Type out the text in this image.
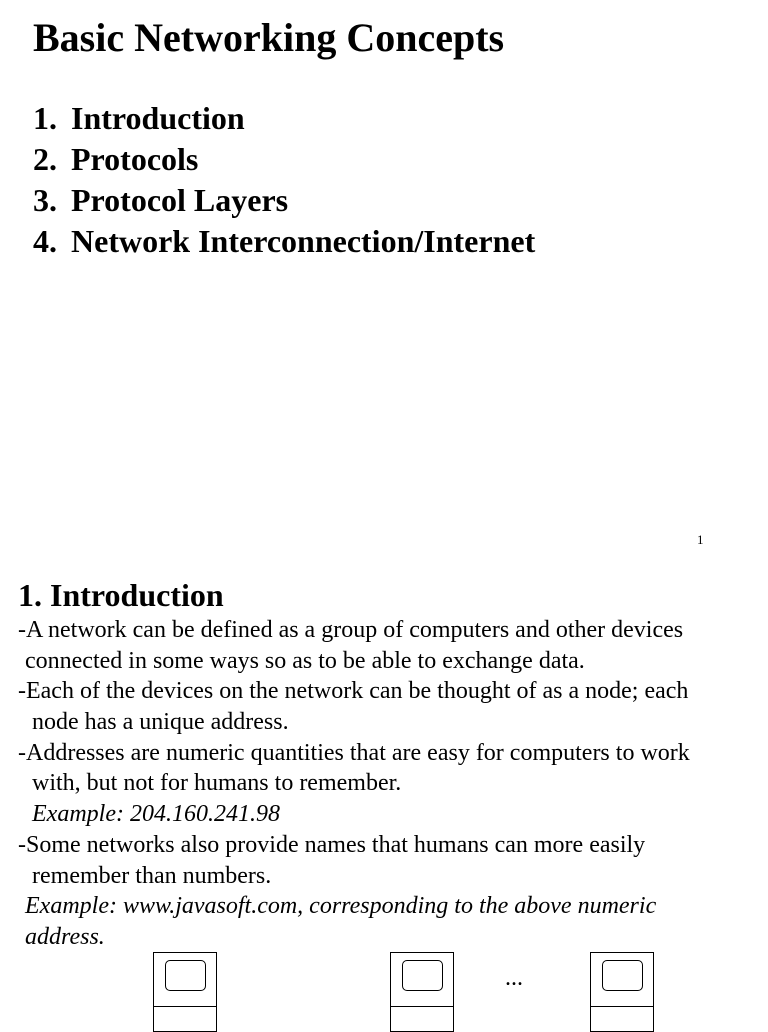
Basic Networking Concepts
1. Introduction
2. Protocols
3. Protocol Layers
4. Network Interconnection/Internet
1
1. Introduction
-A network can be defined as a group of computers and other devices
connected in some ways so as to be able to exchange data.
-Each of the devices on the network can be thought of as a node; each
node has a unique address.
-Addresses are numeric quantities that are easy for computers to work
with, but not for humans to remember.
Example: 204.160.241.98
-Some networks also provide names that humans can more easily
remember than numbers.
Example: www.javasoft.com, corresponding to the above numeric
address.
...
